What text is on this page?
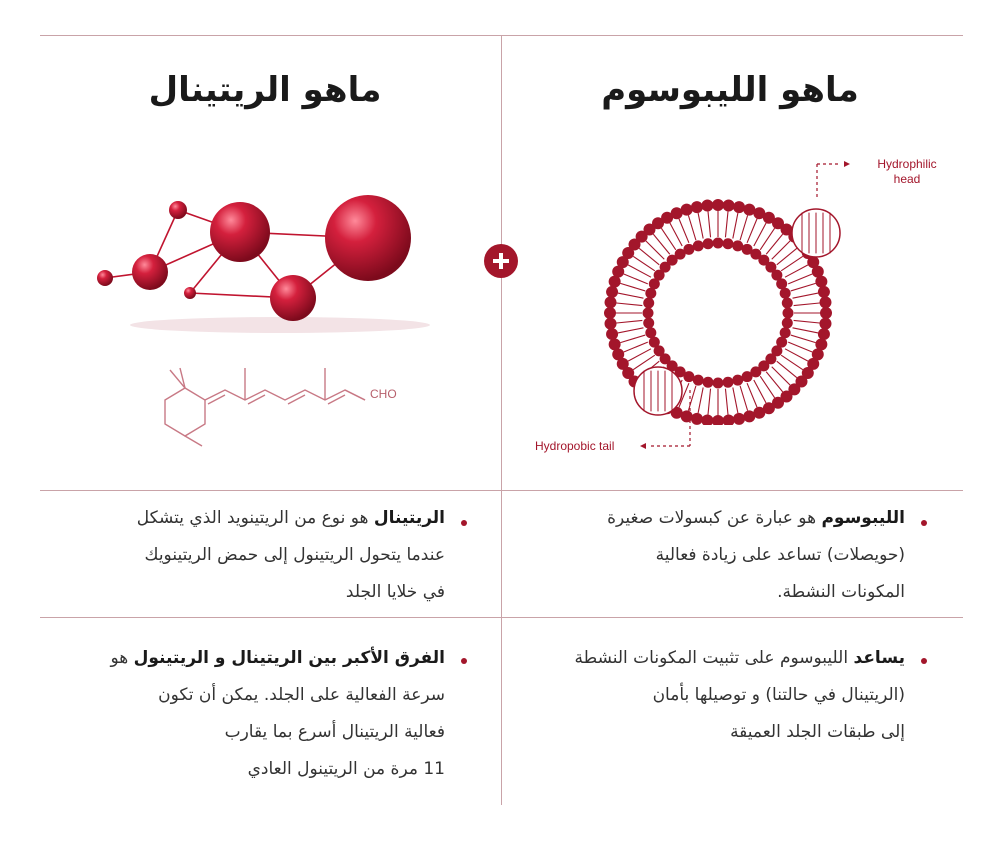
ماهو الريتينال	ماهو الليبوسوم
CHO
Hydrophilic
head
Hydropobic tail
الليبوسوم هو عبارة عن كبسولات صغيرة
(حويصلات) تساعد على زيادة فعالية
المكونات النشطة.
يساعد الليبوسوم على تثبيت المكونات النشطة
(الريتينال في حالتنا) و توصيلها بأمان
إلى طبقات الجلد العميقة
الريتينال هو نوع من الريتينويد الذي يتشكل
عندما يتحول الريتينول إلى حمض الريتينويك
في خلايا الجلد
الفرق الأكبر بين الريتينال و الريتينول هو
سرعة الفعالية على الجلد. يمكن أن تكون
فعالية الريتينال أسرع بما يقارب
11 مرة من الريتينول العادي
